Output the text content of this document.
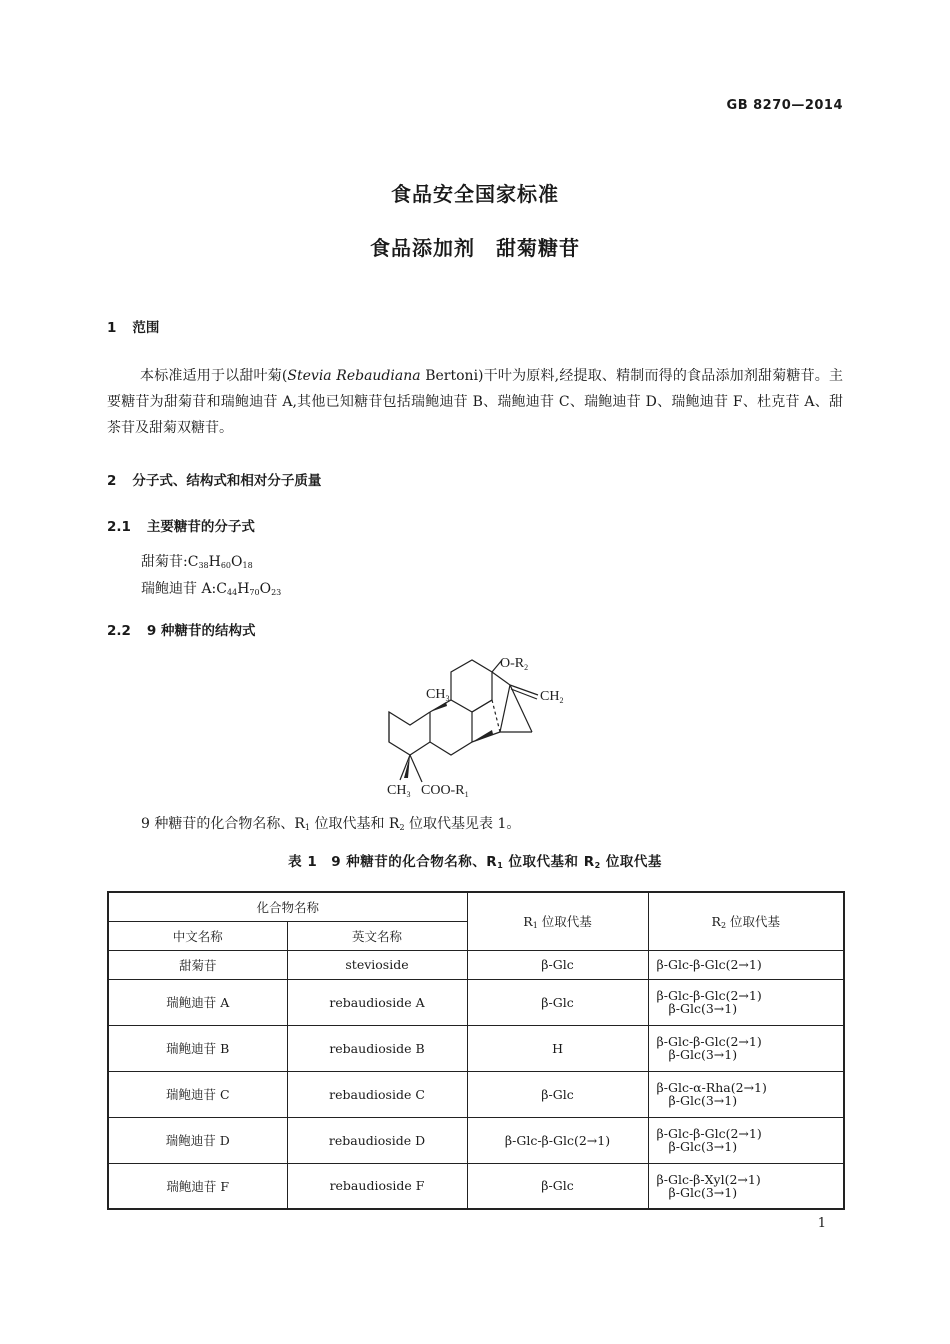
GB 8270—2014
食品安全国家标准
食品添加剂　甜菊糖苷
1 范围
本标准适用于以甜叶菊(Stevia Rebaudiana Bertoni)干叶为原料,经提取、精制而得的食品添加剂甜菊糖苷。主要糖苷为甜菊苷和瑞鲍迪苷 A,其他已知糖苷包括瑞鲍迪苷 B、瑞鲍迪苷 C、瑞鲍迪苷 D、瑞鲍迪苷 F、杜克苷 A、甜茶苷及甜菊双糖苷。
2 分子式、结构式和相对分子质量
2.1 主要糖苷的分子式
甜菊苷$:C_{38}H_{60}O_{18}$
瑞鲍迪苷 $A:C_{44}H_{70}O_{23}$
2.2 9 种糖苷的结构式
$O-R_2$
$CH_2$
$CH_3$
$CH_3$ COO-$R_1$
9 种糖苷的化合物名称、$R_1$ 位取代基和 $R_2$ 位取代基见表 1。
表 1　9 种糖苷的化合物名称、$R_1$ 位取代基和 $R_2$ 位取代基
化合物名称		$R_1$ 位取代基	$R_2$ 位取代基
中文名称	英文名称		
甜菊苷	stevioside	β-Glc	β-Glc-β-Glc(2→1)

瑞鲍迪苷 A	rebaudioside A	β-Glc	β-Glc-β-Glc(2→1)
β-Glc(3→1)

瑞鲍迪苷 B	rebaudioside B	H	β-Glc-β-Glc(2→1)
β-Glc(3→1)

瑞鲍迪苷 C	rebaudioside C	β-Glc	β-Glc-α-Rha(2→1)
β-Glc(3→1)

瑞鲍迪苷 D	rebaudioside D	β-Glc-β-Glc(2→1)	β-Glc-β-Glc(2→1)
β-Glc(3→1)

瑞鲍迪苷 F	rebaudioside F	β-Glc	β-Glc-β-Xyl(2→1)
β-Glc(3→1)
1
